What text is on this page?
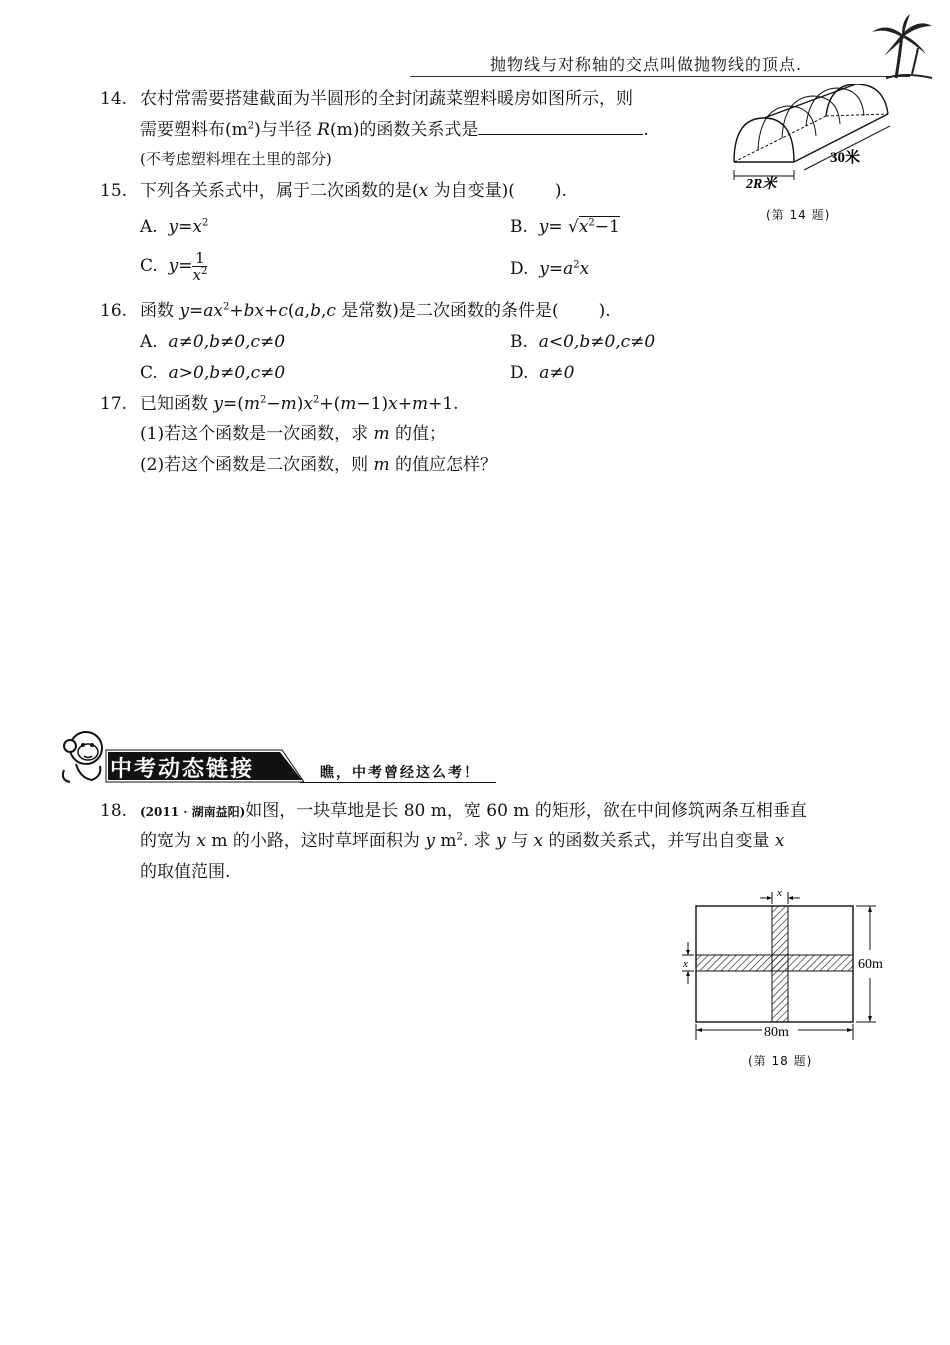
抛物线与对称轴的交点叫做抛物线的顶点.
14. 农村常需要搭建截面为半圆形的全封闭蔬菜塑料暖房如图所示，则
需要塑料布$(m^2)$与半径 R(m)的函数关系式是	.
(不考虑塑料埋在土里的部分)
2R米
30米
(第 14 题)
15. 下列各关系式中，属于二次函数的是(x 为自变量)( ).
A. $y=x^2$	B. $y= √x^2-1$
C. $y= \frac{1}{x^2}$	D. $y=a^2x$
16. 函数 $y=ax^2+bx+c(a,b,c$ 是常数)是二次函数的条件是( ).
A. a≠0,b≠0,c≠0	B. a<0,b≠0,c≠0
C. a>0,b≠0,c≠0	D. a≠0
17. 已知函数 $y=(m^2-m)x^2+(m-1)x+m+1$.
(1)若这个函数是一次函数，求 m 的值；
(2)若这个函数是二次函数，则 m 的值应怎样？
中考动态链接	瞧，中考曾经这么考！
18. (2011 · 湖南益阳)如图，一块草地是长 80 m，宽 60 m 的矩形，欲在中间修筑两条互相垂直
的宽为 x m 的小路，这时草坪面积为 y $m^2$. 求 y 与 x 的函数关系式，并写出自变量 x
的取值范围.
x
x	60m
80m
(第 18 题)
